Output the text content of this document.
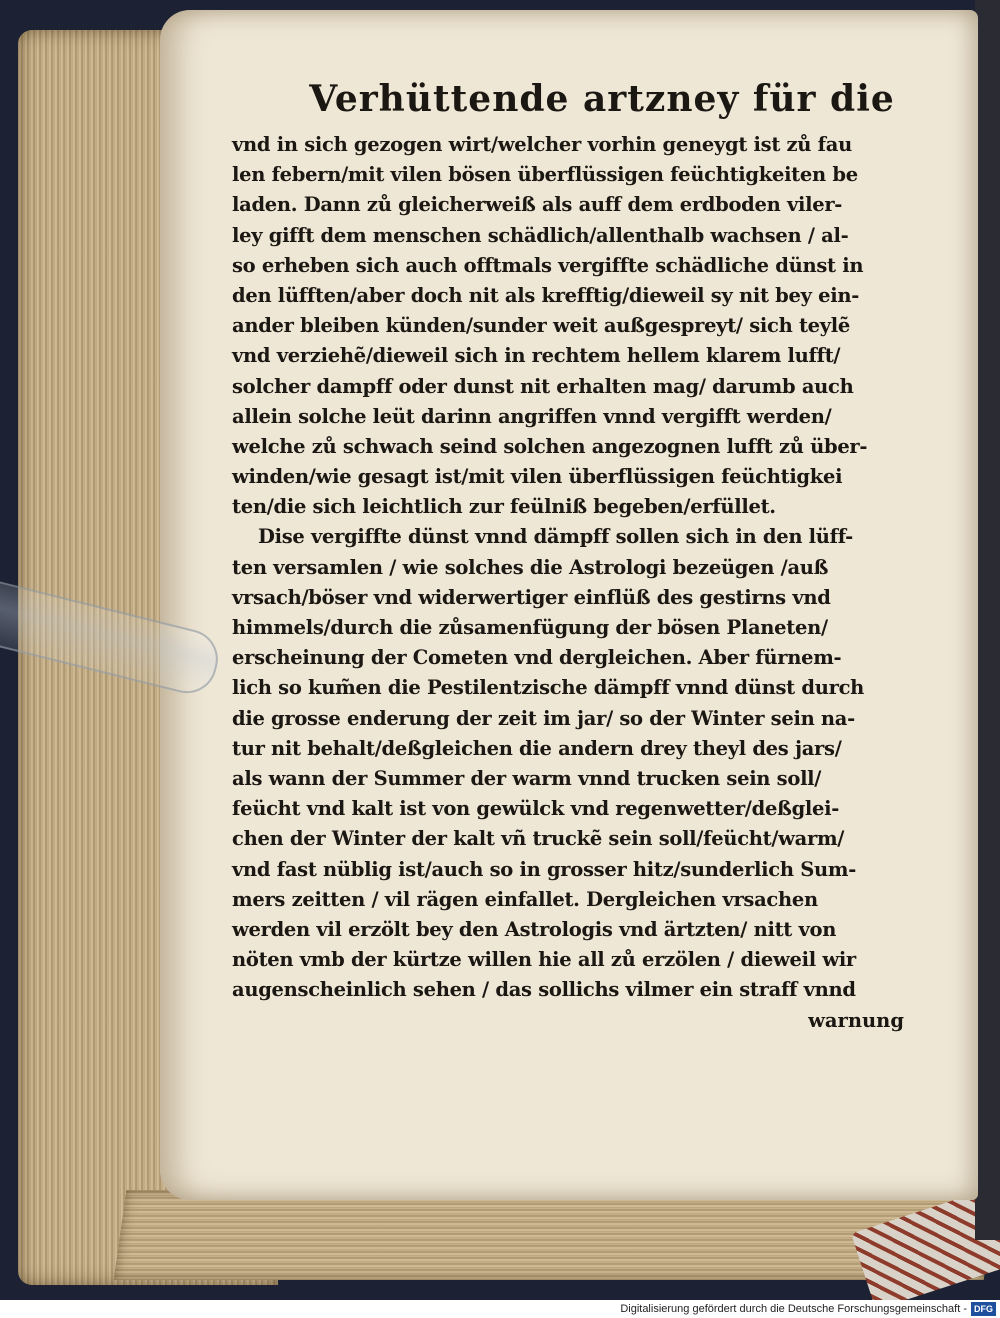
Verhüttende artzney für die
vnd in sich gezogen wirt/welcher vorhin geneygt ist zů fau
len febern/mit vilen bösen überflüssigen feüchtigkeiten be
laden. Dann zů gleicherweiß als auff dem erdboden viler-
ley gifft dem menschen schädlich/allenthalb wachsen / al-
so erheben sich auch offtmals vergiffte schädliche dünst in
den lüfften/aber doch nit als krefftig/dieweil sy nit bey ein-
ander bleiben künden/sunder weit außgespreyt/ sich teylẽ
vnd verziehẽ/dieweil sich in rechtem hellem klarem lufft/
solcher dampff oder dunst nit erhalten mag/ darumb auch
allein solche leüt darinn angriffen vnnd vergifft werden/
welche zů schwach seind solchen angezognen lufft zů über-
winden/wie gesagt ist/mit vilen überflüssigen feüchtigkei
ten/die sich leichtlich zur feülniß begeben/erfüllet.
Dise vergiffte dünst vnnd dämpff sollen sich in den lüff-
ten versamlen / wie solches die Astrologi bezeügen /auß
vrsach/böser vnd widerwertiger einflüß des gestirns vnd
himmels/durch die zůsamenfügung der bösen Planeten/
erscheinung der Cometen vnd dergleichen. Aber fürnem-
lich so kum̃en die Pestilentzische dämpff vnnd dünst durch
die grosse enderung der zeit im jar/ so der Winter sein na-
tur nit behalt/deßgleichen die andern drey theyl des jars/
als wann der Summer der warm vnnd trucken sein soll/
feücht vnd kalt ist von gewülck vnd regenwetter/deßglei-
chen der Winter der kalt vñ truckẽ sein soll/feücht/warm/
vnd fast nüblig ist/auch so in grosser hitz/sunderlich Sum-
mers zeitten / vil rägen einfallet. Dergleichen vrsachen
werden vil erzölt bey den Astrologis vnd ärtzten/ nitt von
nöten vmb der kürtze willen hie all zů erzölen / dieweil wir
augenscheinlich sehen / das sollichs vilmer ein straff vnnd
warnung
Digitalisierung gefördert durch die Deutsche Forschungsgemeinschaft - DFG
